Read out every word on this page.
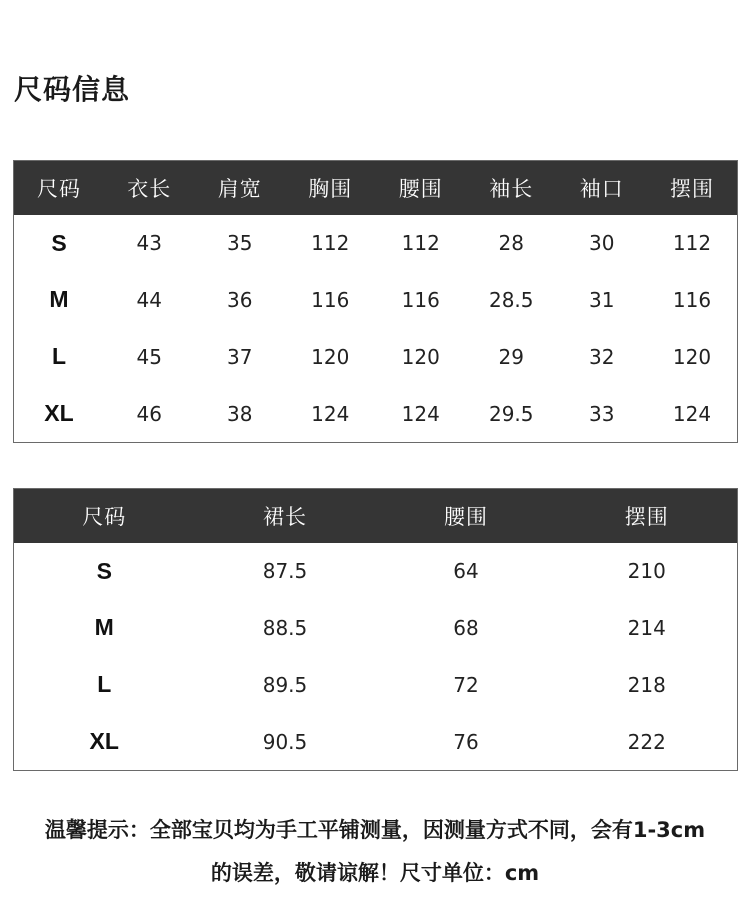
尺码信息
尺码	衣长	肩宽	胸围	腰围	袖长	袖口	摆围
S	43	35	112	112	28	30	112
M	44	36	116	116	28.5	31	116
L	45	37	120	120	29	32	120
XL	46	38	124	124	29.5	33	124
尺码	裙长	腰围	摆围
S	87.5	64	210
M	88.5	68	214
L	89.5	72	218
XL	90.5	76	222
温馨提示：全部宝贝均为手工平铺测量，因测量方式不同，会有1-3cm
的误差，敬请谅解！尺寸单位：cm
